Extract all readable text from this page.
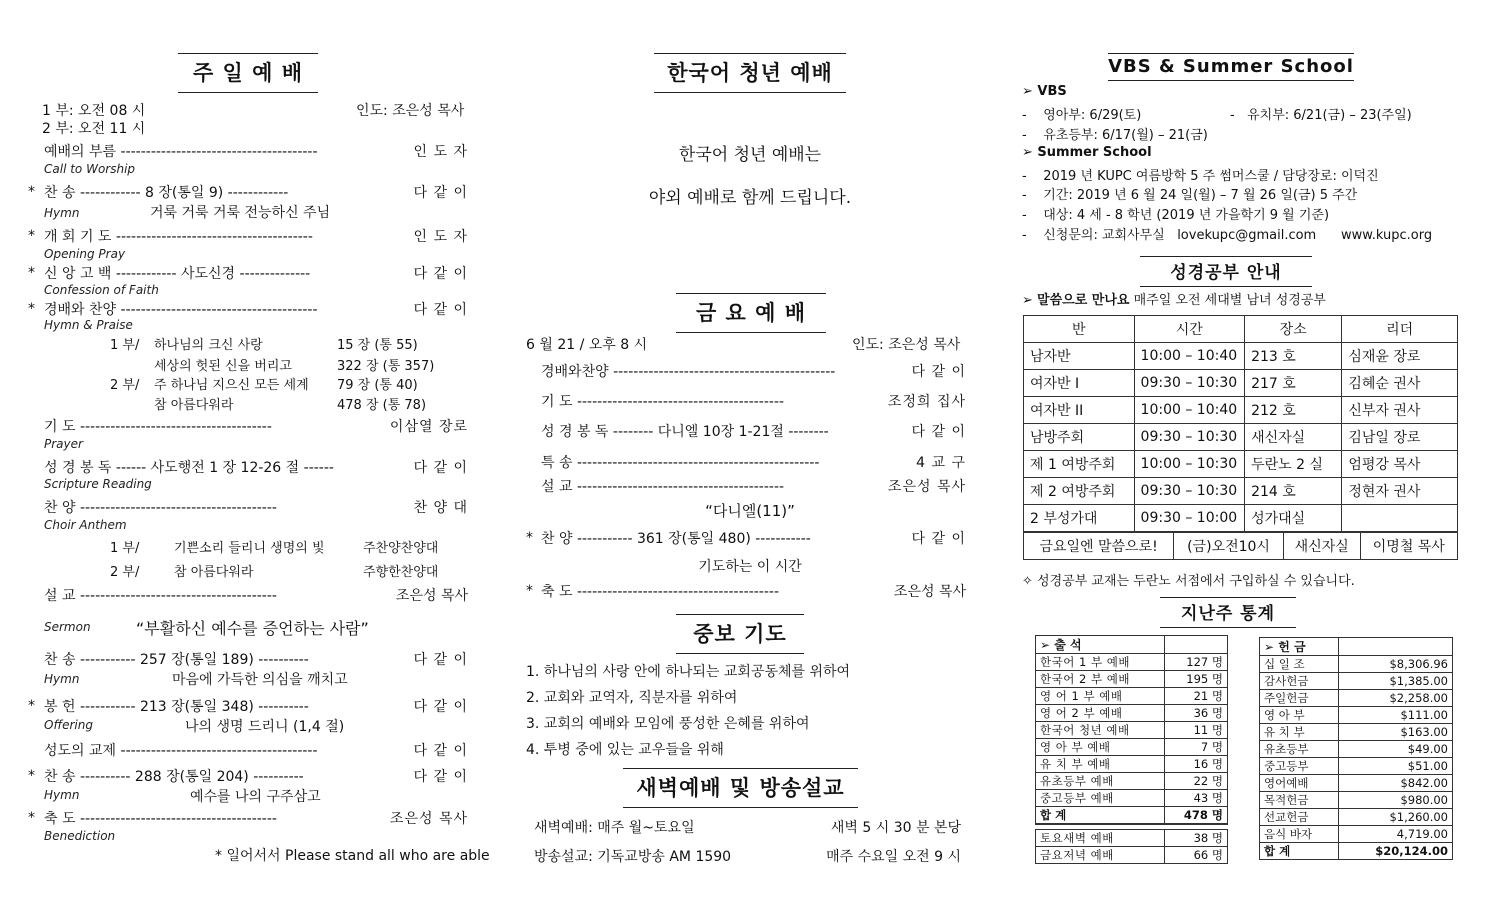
주 일 예 배
1 부: 오전 08 시
2 부: 오전 11 시
인도: 조은성 목사
예배의 부름 ---------------------------------------	인 도 자
Call to Worship
* 찬 송 ------------ 8 장(통일 9) ------------	다 같 이
Hymn	거룩 거룩 거룩 전능하신 주님
* 개 회 기 도 ---------------------------------------	인 도 자
Opening Pray
* 신 앙 고 백 ------------ 사도신경 --------------	다 같 이
Confession of Faith
* 경배와 찬양 ---------------------------------------	다 같 이
Hymn & Praise
1 부/ 하나님의 크신 사랑	15 장 (통 55)
세상의 헛된 신을 버리고	322 장 (통 357)
2 부/ 주 하나님 지으신 모든 세계 79 장 (통 40)
참 아름다워라	478 장 (통 78)
기 도 --------------------------------------	이삼열 장로
Prayer
성 경 봉 독 ------ 사도행전 1 장 12-26 절 ------	다 같 이
Scripture Reading
찬 양 ---------------------------------------	찬 양 대
Choir Anthem
1 부/	기쁜소리 들리니 생명의 빛	주찬양찬양대
2 부/	참 아름다워라	주향한찬양대
설 교 ---------------------------------------	조은성 목사
Sermon	“부활하신 예수를 증언하는 사람”
찬 송 ----------- 257 장(통일 189) ----------	다 같 이
Hymn	마음에 가득한 의심을 깨치고
* 봉 헌 ----------- 213 장(통일 348) ----------	다 같 이
Offering	나의 생명 드리니 (1,4 절)
성도의 교제 ---------------------------------------	다 같 이
* 찬 송 ---------- 288 장(통일 204) ----------	다 같 이
Hymn	예수를 나의 구주삼고
* 축 도 ---------------------------------------	조은성 목사
Benediction
* 일어서서 Please stand all who are able
한국어 청년 예배
한국어 청년 예배는
야외 예배로 함께 드립니다.
금 요 예 배
6 월 21 / 오후 8 시	인도: 조은성 목사
경배와찬양 --------------------------------------------	다 같 이
기 도 -----------------------------------------	조정희 집사
성 경 봉 독 -------- 다니엘 10장 1-21절 --------	다 같 이
특 송 ------------------------------------------------	4 교 구
설 교 -----------------------------------------	조은성 목사
“다니엘(11)”
* 찬 양 ----------- 361 장(통일 480) -----------	다 같 이
기도하는 이 시간
* 축 도 ----------------------------------------	조은성 목사
중보 기도
1. 하나님의 사랑 안에 하나되는 교회공동체를 위하여
2. 교회와 교역자, 직분자를 위하여
3. 교회의 예배와 모임에 풍성한 은혜를 위하여
4. 투병 중에 있는 교우들을 위해
새벽예배 및 방송설교
새벽예배: 매주 월~토요일	새벽 5 시 30 분 본당
방송설교: 기독교방송 AM 1590	매주 수요일 오전 9 시
VBS & Summer School
➢ VBS
-    영아부: 6/29(토)	-   유치부: 6/21(금) – 23(주일)
-    유초등부: 6/17(월) – 21(금)
➢ Summer School
-    2019 년 KUPC 여름방학 5 주 썸머스쿨 / 담당장로: 이덕진
-    기간: 2019 년 6 월 24 일(월) – 7 월 26 일(금) 5 주간
-    대상: 4 세 - 8 학년 (2019 년 가을학기 9 월 기준)
-    신청문의: 교회사무실 lovekupc@gmail.com www.kupc.org
성경공부 안내
➢ 말씀으로 만나요 매주일 오전 세대별 남녀 성경공부
반	시간	장소	리더
남자반	10:00 – 10:40	213 호	심재윤 장로
여자반 I	09:30 – 10:30	217 호	김혜순 권사
여자반 II	10:00 – 10:40	212 호	신부자 권사
남방주회	09:30 – 10:30	새신자실	김남일 장로
제 1 여방주회	10:00 – 10:30	두란노 2 실	엄평강 목사
제 2 여방주회	09:30 – 10:30	214 호	정현자 권사
2 부성가대	09:30 – 10:00	성가대실	
금요일엔 말씀으로!	(금)오전10시	새신자실	이명철 목사
✧ 성경공부 교재는 두란노 서점에서 구입하실 수 있습니다.
지난주 통계
➢ 출 석	
한국어 1 부 예배	127 명
한국어 2 부 예배	195 명
영 어 1 부 예배	21 명
영 어 2 부 예배	36 명
한국어 청년 예배	11 명
영 아 부 예배	7 명
유 치 부 예배	16 명
유초등부 예배	22 명
중고등부 예배	43 명
합 계	478 명

토요새벽 예배	38 명
금요저녁 예배	66 명
➢ 헌 금	
십 일 조	$8,306.96
감사헌금	$1,385.00
주일헌금	$2,258.00
영 아 부	$111.00
유 치 부	$163.00
유초등부	$49.00
중고등부	$51.00
영어예배	$842.00
목적헌금	$980.00
선교헌금	$1,260.00
음식 바자	4,719.00
합 계	$20,124.00
